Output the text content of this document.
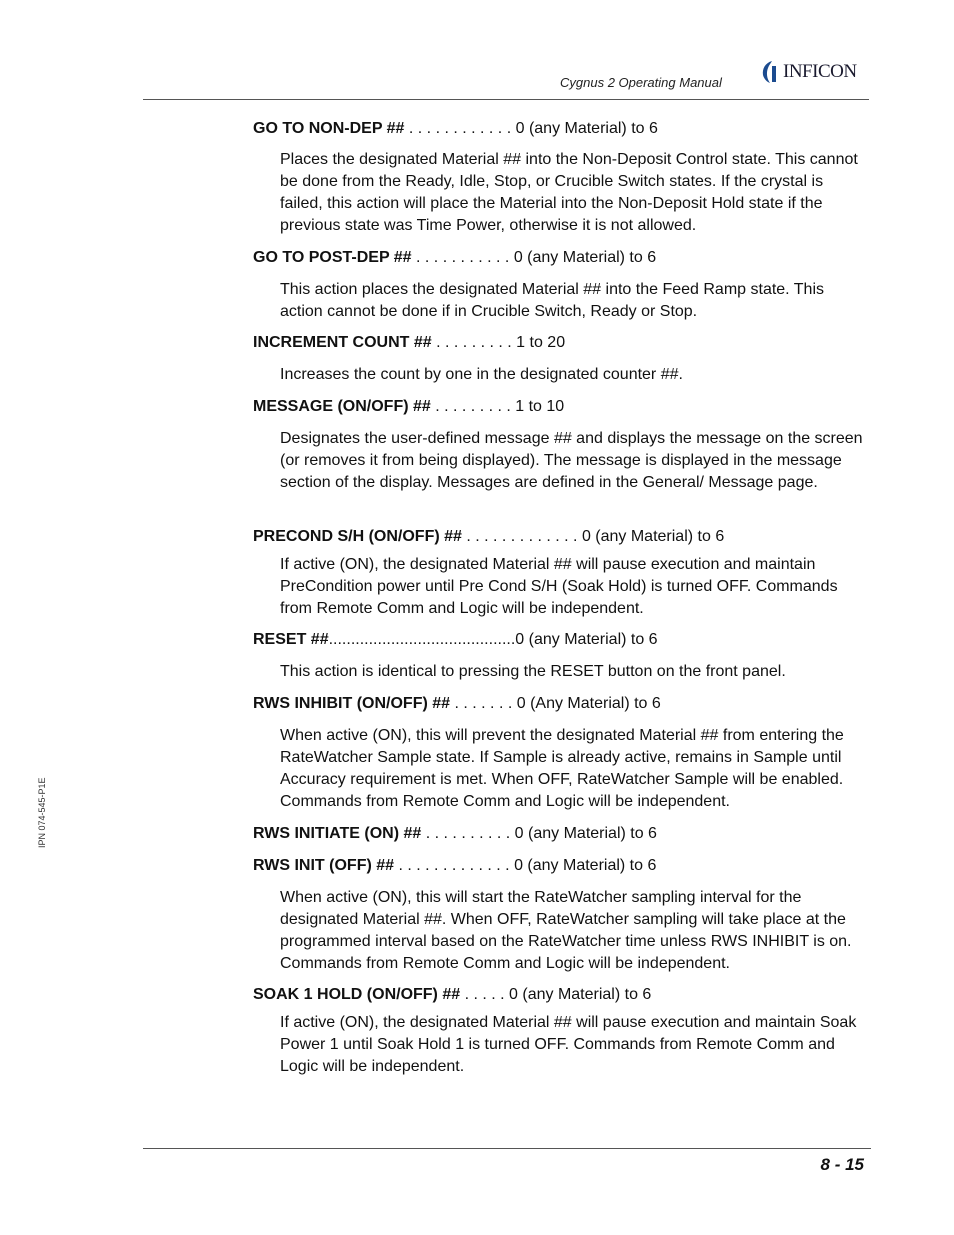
Cygnus 2 Operating Manual
INFICON
IPN 074-545-P1E
GO TO NON-DEP ## . . . . . . . . . . . . 0 (any Material) to 6
Places the designated Material ## into the Non-Deposit Control state. This cannot be done from the Ready, Idle, Stop, or Crucible Switch states. If the crystal is failed, this action will place the Material into the Non-Deposit Hold state if the previous state was Time Power, otherwise it is not allowed.
GO TO POST-DEP ## . . . . . . . . . . . 0 (any Material) to 6
This action places the designated Material ## into the Feed Ramp state. This action cannot be done if in Crucible Switch, Ready or Stop.
INCREMENT COUNT ## . . . . . . . . . 1 to 20
Increases the count by one in the designated counter ##.
MESSAGE (ON/OFF) ## . . . . . . . . . 1 to 10
Designates the user-defined message ## and displays the message on the screen (or removes it from being displayed). The message is displayed in the message section of the display. Messages are defined in the General/ Message page.
PRECOND S/H (ON/OFF) ## . . . . . . . . . . . . . 0 (any Material) to 6
If active (ON), the designated Material ## will pause execution and maintain PreCondition power until Pre Cond S/H (Soak Hold) is turned OFF. Commands from Remote Comm and Logic will be independent.
RESET ##..........................................0 (any Material) to 6
This action is identical to pressing the RESET button on the front panel.
RWS INHIBIT (ON/OFF) ## . . . . . . . 0 (Any Material) to 6
When active (ON), this will prevent the designated Material ## from entering the RateWatcher Sample state. If Sample is already active, remains in Sample until Accuracy requirement is met. When OFF, RateWatcher Sample will be enabled. Commands from Remote Comm and Logic will be independent.
RWS INITIATE (ON) ## . . . . . . . . . . 0 (any Material) to 6
RWS INIT (OFF) ## . . . . . . . . . . . . . 0 (any Material) to 6
When active (ON), this will start the RateWatcher sampling interval for the designated Material ##. When OFF, RateWatcher sampling will take place at the programmed interval based on the RateWatcher time unless RWS INHIBIT is on. Commands from Remote Comm and Logic will be independent.
SOAK 1 HOLD (ON/OFF) ## . . . . . 0 (any Material) to 6
If active (ON), the designated Material ## will pause execution and maintain Soak Power 1 until Soak Hold 1 is turned OFF. Commands from Remote Comm and Logic will be independent.
8 - 15
